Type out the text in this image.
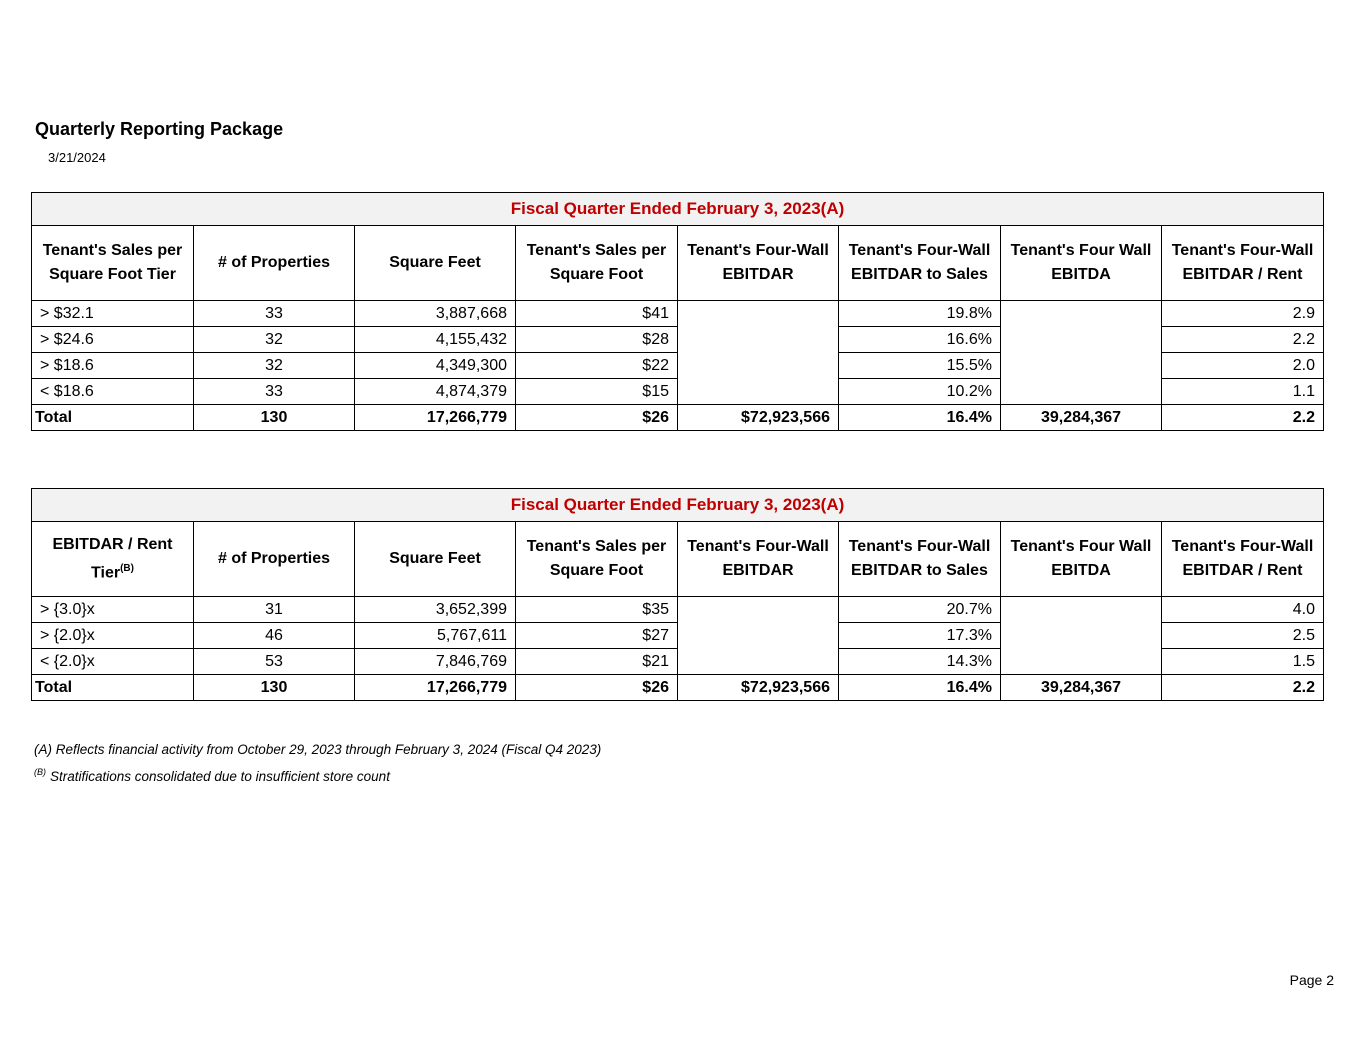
Quarterly Reporting Package
3/21/2024
Fiscal Quarter Ended February 3, 2023(A)							
Tenant's Sales per Square Foot Tier	# of Properties	Square Feet	Tenant's Sales per Square Foot	Tenant's Four-Wall EBITDAR	Tenant's Four-Wall EBITDAR to Sales	Tenant's Four Wall EBITDA	Tenant's Four-Wall EBITDAR / Rent
> $32.1	33	3,887,668	$41		19.8%		2.9
> $24.6	32	4,155,432	$28		16.6%		2.2
> $18.6	32	4,349,300	$22		15.5%		2.0
< $18.6	33	4,874,379	$15		10.2%		1.1
Total	130	17,266,779	$26	$72,923,566	16.4%	39,284,367	2.2
Fiscal Quarter Ended February 3, 2023(A)							
EBITDAR / Rent Tier$^{(B)}$	# of Properties	Square Feet	Tenant's Sales per Square Foot	Tenant's Four-Wall EBITDAR	Tenant's Four-Wall EBITDAR to Sales	Tenant's Four Wall EBITDA	Tenant's Four-Wall EBITDAR / Rent
> {3.0}x	31	3,652,399	$35		20.7%		4.0
> {2.0}x	46	5,767,611	$27		17.3%		2.5
< {2.0}x	53	7,846,769	$21		14.3%		1.5
Total	130	17,266,779	$26	$72,923,566	16.4%	39,284,367	2.2
(A) Reflects financial activity from October 29, 2023 through February 3, 2024 (Fiscal Q4 2023)
$^{(B)}$ Stratifications consolidated due to insufficient store count
Page 2
